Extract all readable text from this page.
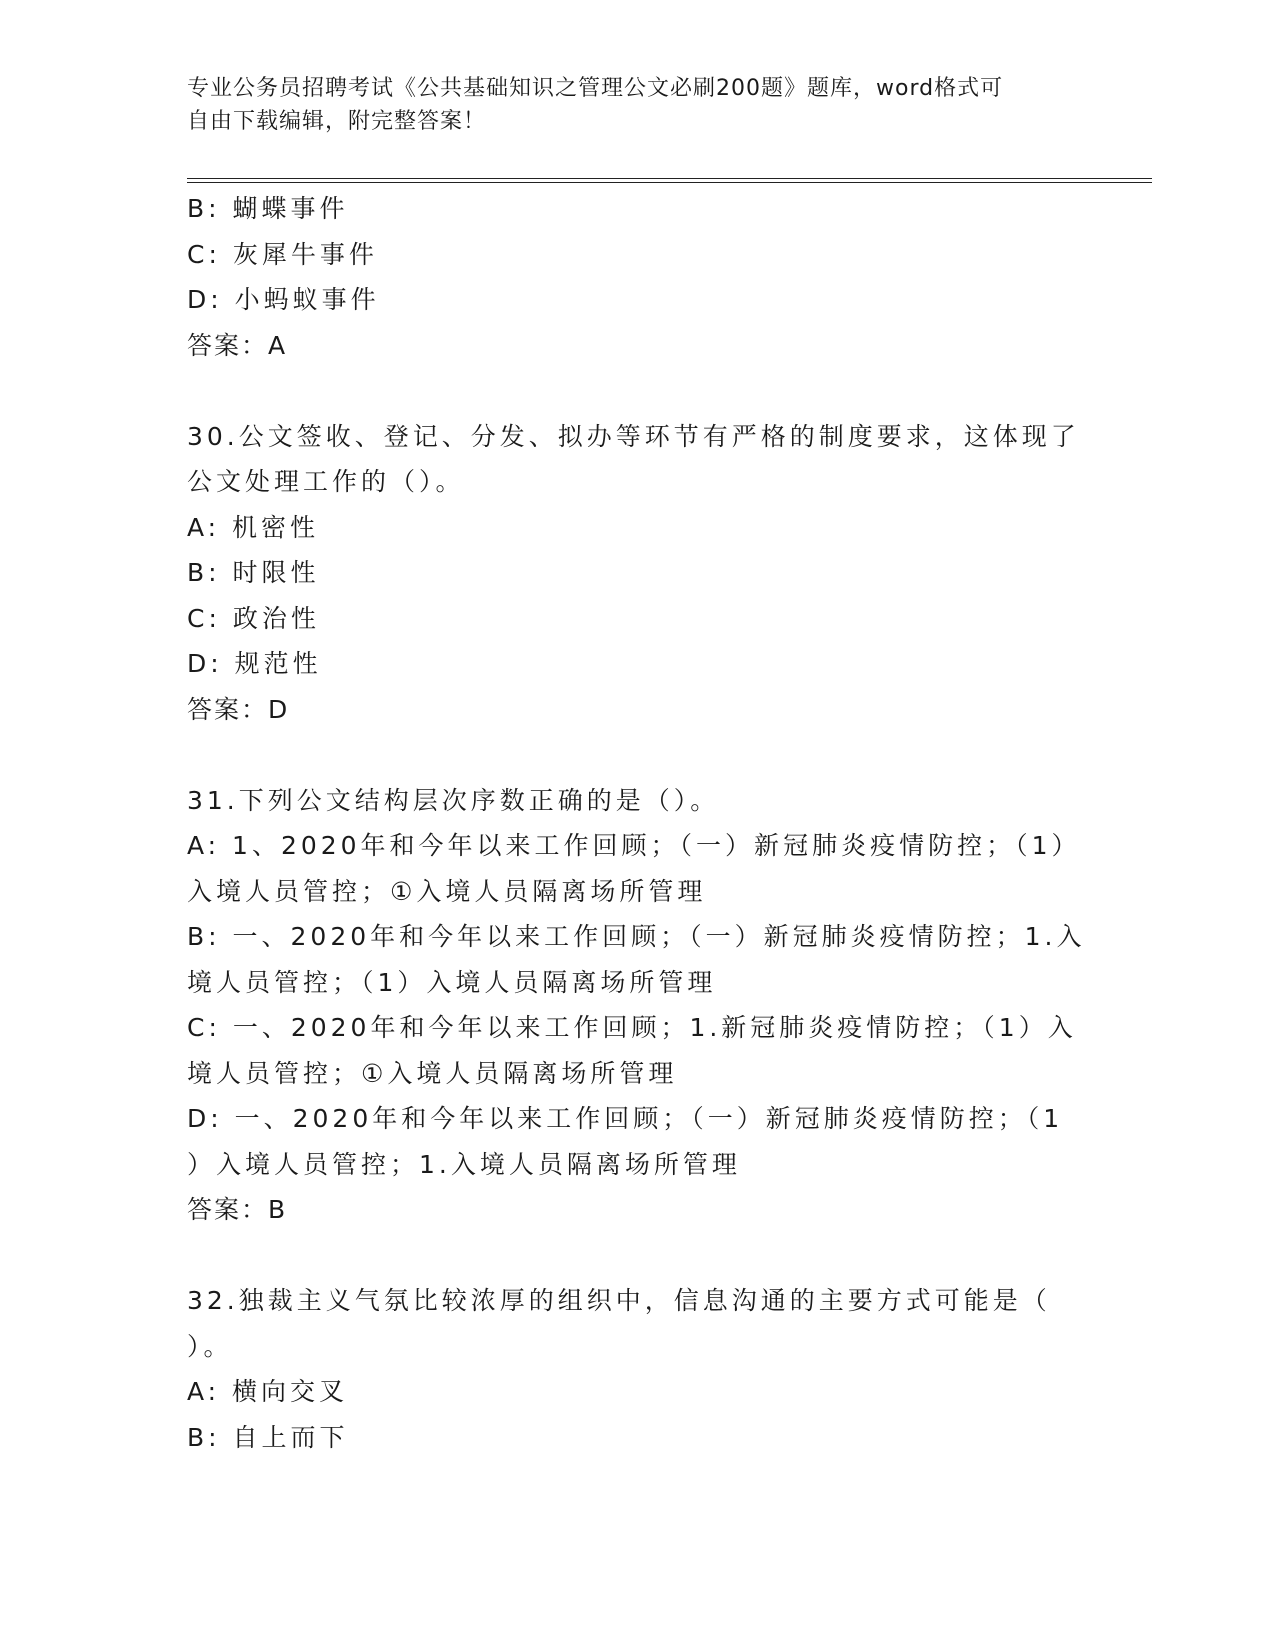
专业公务员招聘考试《公共基础知识之管理公文必刷200题》题库，word格式可
自由下载编辑，附完整答案！
B: 蝴蝶事件
C: 灰犀牛事件
D: 小蚂蚁事件
答案：A
30.公文签收、登记、分发、拟办等环节有严格的制度要求，这体现了
公文处理工作的（）。
A: 机密性
B: 时限性
C: 政治性
D: 规范性
答案：D
31.下列公文结构层次序数正确的是（）。
A: 1、2020年和今年以来工作回顾；（一）新冠肺炎疫情防控；（1）
入境人员管控；①入境人员隔离场所管理
B: 一、2020年和今年以来工作回顾；（一）新冠肺炎疫情防控；1.入
境人员管控；（1）入境人员隔离场所管理
C: 一、2020年和今年以来工作回顾；1.新冠肺炎疫情防控；（1）入
境人员管控；①入境人员隔离场所管理
D: 一、2020年和今年以来工作回顾；（一）新冠肺炎疫情防控；（1
）入境人员管控；1.入境人员隔离场所管理
答案：B
32.独裁主义气氛比较浓厚的组织中，信息沟通的主要方式可能是（
）。
A: 横向交叉
B: 自上而下
